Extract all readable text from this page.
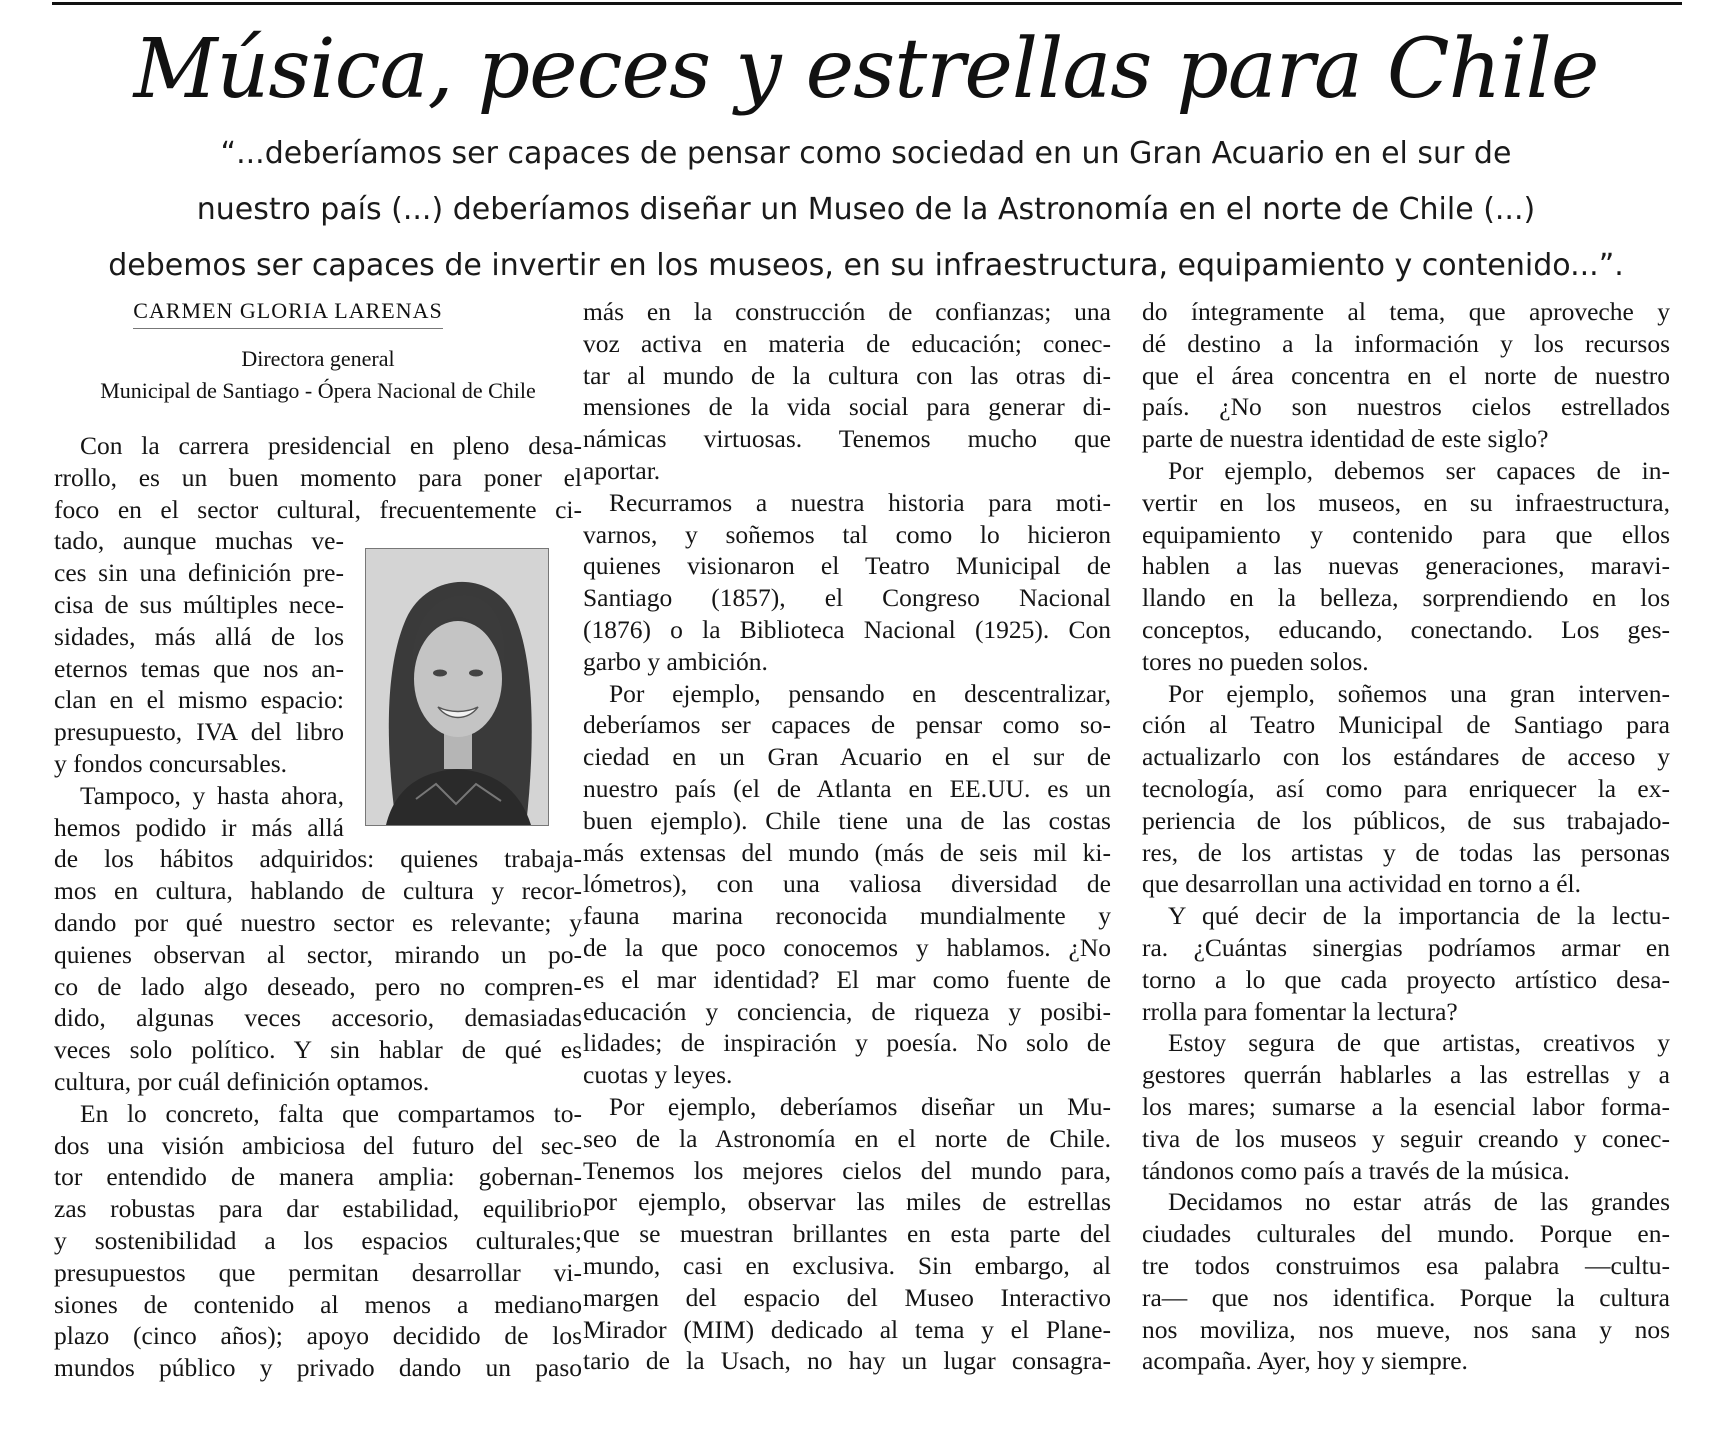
Música, peces y estrellas para Chile
“...deberíamos ser capaces de pensar como sociedad en un Gran Acuario en el sur de
nuestro país (...) deberíamos diseñar un Museo de la Astronomía en el norte de Chile (...)
debemos ser capaces de invertir en los museos, en su infraestructura, equipamiento y contenido...”.
CARMEN GLORIA LARENAS
Directora general
Municipal de Santiago - Ópera Nacional de Chile
Con la carrera presidencial en pleno desa-
rrollo, es un buen momento para poner el
foco en el sector cultural, frecuentemente ci-
tado, aunque muchas ve-
ces sin una definición pre-
cisa de sus múltiples nece-
sidades, más allá de los
eternos temas que nos an-
clan en el mismo espacio:
presupuesto, IVA del libro
y fondos concursables.
Tampoco, y hasta ahora,
hemos podido ir más allá
de los hábitos adquiridos: quienes trabaja-
mos en cultura, hablando de cultura y recor-
dando por qué nuestro sector es relevante; y
quienes observan al sector, mirando un po-
co de lado algo deseado, pero no compren-
dido, algunas veces accesorio, demasiadas
veces solo político. Y sin hablar de qué es
cultura, por cuál definición optamos.
En lo concreto, falta que compartamos to-
dos una visión ambiciosa del futuro del sec-
tor entendido de manera amplia: gobernan-
zas robustas para dar estabilidad, equilibrio
y sostenibilidad a los espacios culturales;
presupuestos que permitan desarrollar vi-
siones de contenido al menos a mediano
plazo (cinco años); apoyo decidido de los
mundos público y privado dando un paso
más en la construcción de confianzas; una
voz activa en materia de educación; conec-
tar al mundo de la cultura con las otras di-
mensiones de la vida social para generar di-
námicas virtuosas. Tenemos mucho que
aportar.
Recurramos a nuestra historia para moti-
varnos, y soñemos tal como lo hicieron
quienes visionaron el Teatro Municipal de
Santiago (1857), el Congreso Nacional
(1876) o la Biblioteca Nacional (1925). Con
garbo y ambición.
Por ejemplo, pensando en descentralizar,
deberíamos ser capaces de pensar como so-
ciedad en un Gran Acuario en el sur de
nuestro país (el de Atlanta en EE.UU. es un
buen ejemplo). Chile tiene una de las costas
más extensas del mundo (más de seis mil ki-
lómetros), con una valiosa diversidad de
fauna marina reconocida mundialmente y
de la que poco conocemos y hablamos. ¿No
es el mar identidad? El mar como fuente de
educación y conciencia, de riqueza y posibi-
lidades; de inspiración y poesía. No solo de
cuotas y leyes.
Por ejemplo, deberíamos diseñar un Mu-
seo de la Astronomía en el norte de Chile.
Tenemos los mejores cielos del mundo para,
por ejemplo, observar las miles de estrellas
que se muestran brillantes en esta parte del
mundo, casi en exclusiva. Sin embargo, al
margen del espacio del Museo Interactivo
Mirador (MIM) dedicado al tema y el Plane-
tario de la Usach, no hay un lugar consagra-
do íntegramente al tema, que aproveche y
dé destino a la información y los recursos
que el área concentra en el norte de nuestro
país. ¿No son nuestros cielos estrellados
parte de nuestra identidad de este siglo?
Por ejemplo, debemos ser capaces de in-
vertir en los museos, en su infraestructura,
equipamiento y contenido para que ellos
hablen a las nuevas generaciones, maravi-
llando en la belleza, sorprendiendo en los
conceptos, educando, conectando. Los ges-
tores no pueden solos.
Por ejemplo, soñemos una gran interven-
ción al Teatro Municipal de Santiago para
actualizarlo con los estándares de acceso y
tecnología, así como para enriquecer la ex-
periencia de los públicos, de sus trabajado-
res, de los artistas y de todas las personas
que desarrollan una actividad en torno a él.
Y qué decir de la importancia de la lectu-
ra. ¿Cuántas sinergias podríamos armar en
torno a lo que cada proyecto artístico desa-
rrolla para fomentar la lectura?
Estoy segura de que artistas, creativos y
gestores querrán hablarles a las estrellas y a
los mares; sumarse a la esencial labor forma-
tiva de los museos y seguir creando y conec-
tándonos como país a través de la música.
Decidamos no estar atrás de las grandes
ciudades culturales del mundo. Porque en-
tre todos construimos esa palabra —cultu-
ra— que nos identifica. Porque la cultura
nos moviliza, nos mueve, nos sana y nos
acompaña. Ayer, hoy y siempre.
